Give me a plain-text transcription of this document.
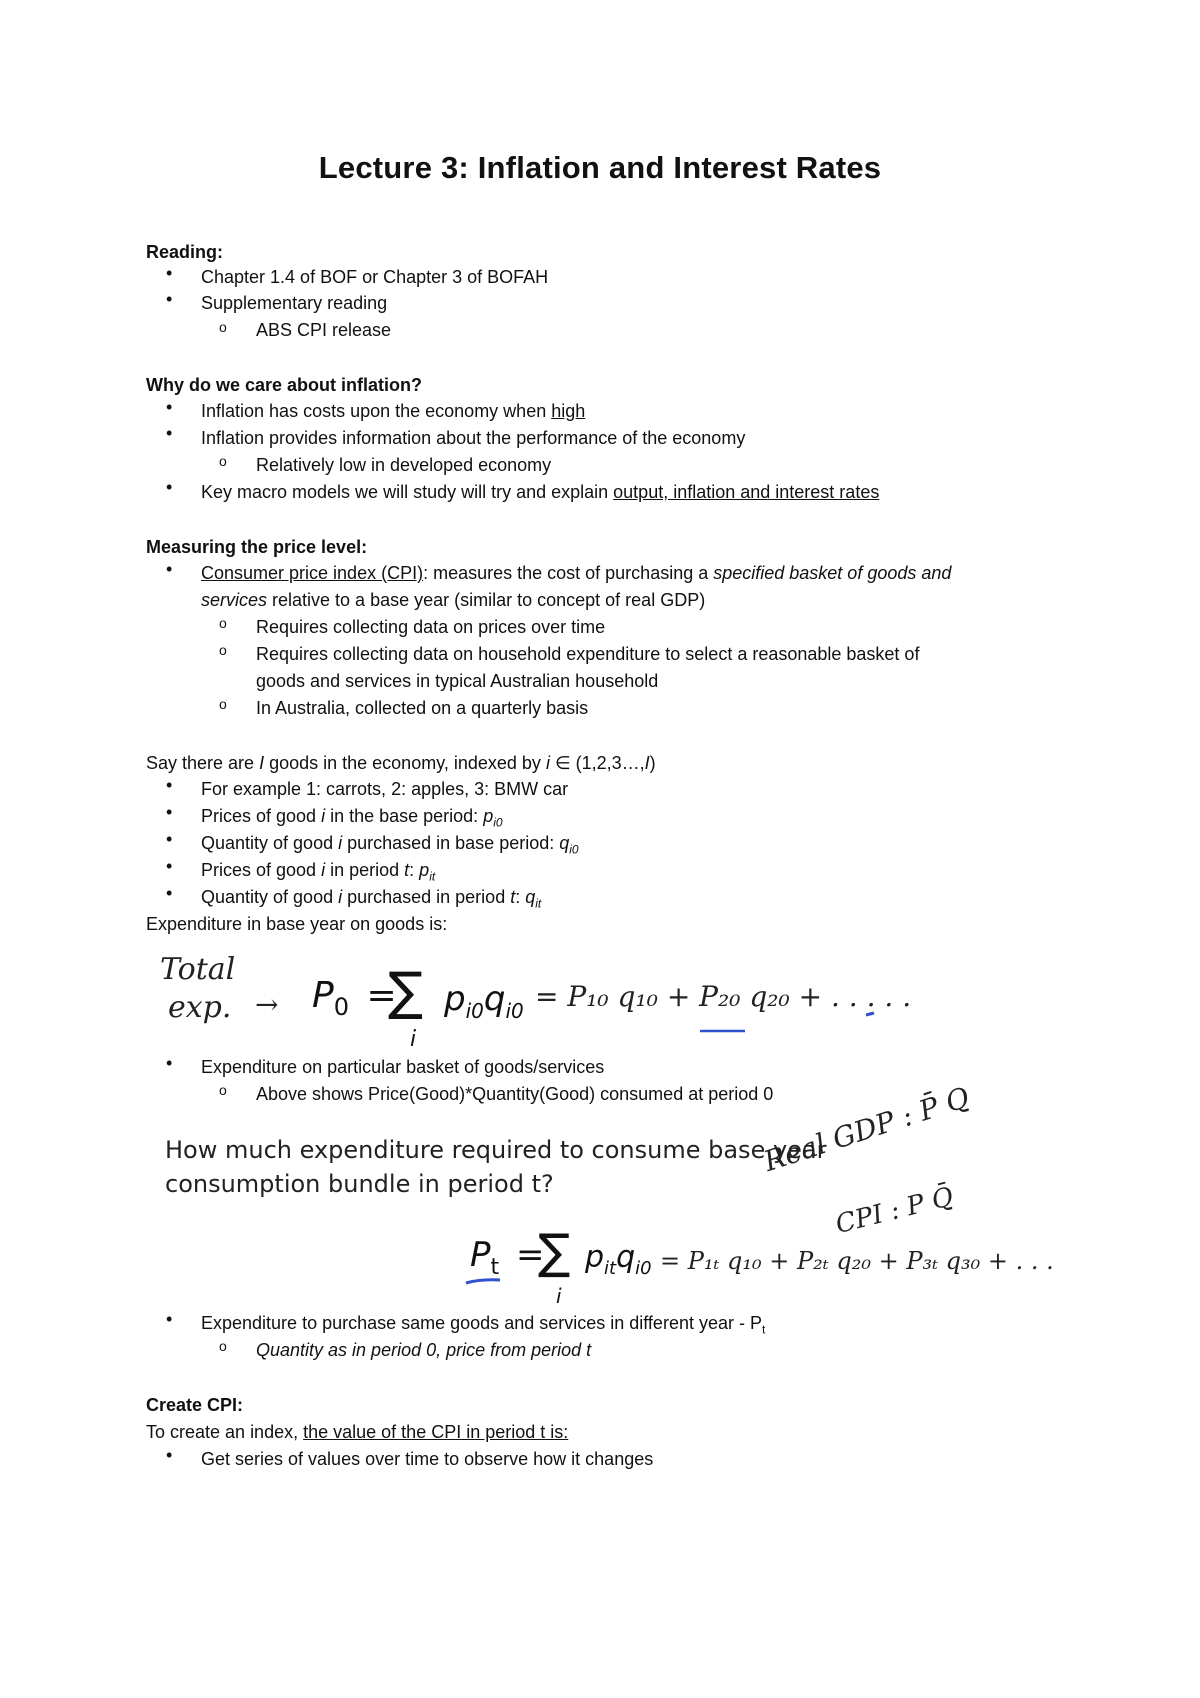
Lecture 3: Inflation and Interest Rates
Reading:
• Chapter 1.4 of BOF or Chapter 3 of BOFAH
• Supplementary reading
o ABS CPI release
Why do we care about inflation?
• Inflation has costs upon the economy when high
• Inflation provides information about the performance of the economy
o Relatively low in developed economy
• Key macro models we will study will try and explain output, inflation and interest rates
Measuring the price level:
• Consumer price index (CPI): measures the cost of purchasing a specified basket of goods and
services relative to a base year (similar to concept of real GDP)
o Requires collecting data on prices over time
o Requires collecting data on household expenditure to select a reasonable basket of
goods and services in typical Australian household
o In Australia, collected on a quarterly basis
Say there are I goods in the economy, indexed by i ∈ (1,2,3…,I)
• For example 1: carrots, 2: apples, 3: BMW car
• Prices of good i in the base period: $p_{i0}$
• Quantity of good i purchased in base period: $q_{i0}$
• Prices of good i in period t: $p_{it}$
• Quantity of good i purchased in period t: $q_{it}$
Expenditure in base year on goods is:
Total
exp. → $P_0$ =
∑
i
$p_{i0}q_{i0} = P_{10}$ q₁₀ + P₂₀ q₂₀ + . . . . .
• Expenditure on particular basket of goods/services
o Above shows Price(Good)*Quantity(Good) consumed at period 0
How much expenditure required to consume base year
consumption bundle in period t?
Real GDP : P̄ Q
CPI : P Q̄
$P_t$ =
∑
i
$p_{it}q_{i0} = P_{1t}$ q₁₀ + P₂ₜ q₂₀ + P₃ₜ q₃₀ + . . .
• Expenditure to purchase same goods and services in different year - $P_t$
o Quantity as in period 0, price from period t
Create CPI:
To create an index, the value of the CPI in period t is:
• Get series of values over time to observe how it changes
